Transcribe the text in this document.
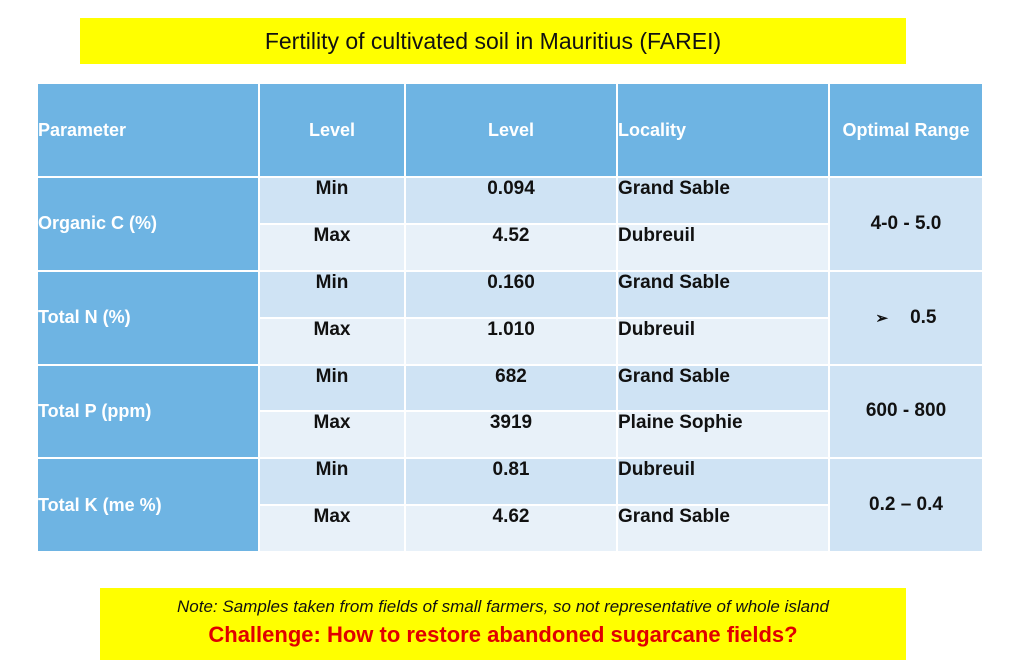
Fertility of cultivated soil in Mauritius (FAREI)
Parameter	Level	Level	Locality	Optimal Range
Organic C (%)	Min	0.094	Grand Sable	4-0 - 5.0
	Max	4.52	Dubreuil	
Total N (%)	Min	0.160	Grand Sable	➢ 0.5
	Max	1.010	Dubreuil	
Total P (ppm)	Min	682	Grand Sable	600 - 800
	Max	3919	Plaine Sophie	
Total K (me %)	Min	0.81	Dubreuil	0.2 – 0.4
	Max	4.62	Grand Sable	
Note: Samples taken from fields of small farmers, so not representative of whole island
Challenge: How to restore abandoned sugarcane fields?
